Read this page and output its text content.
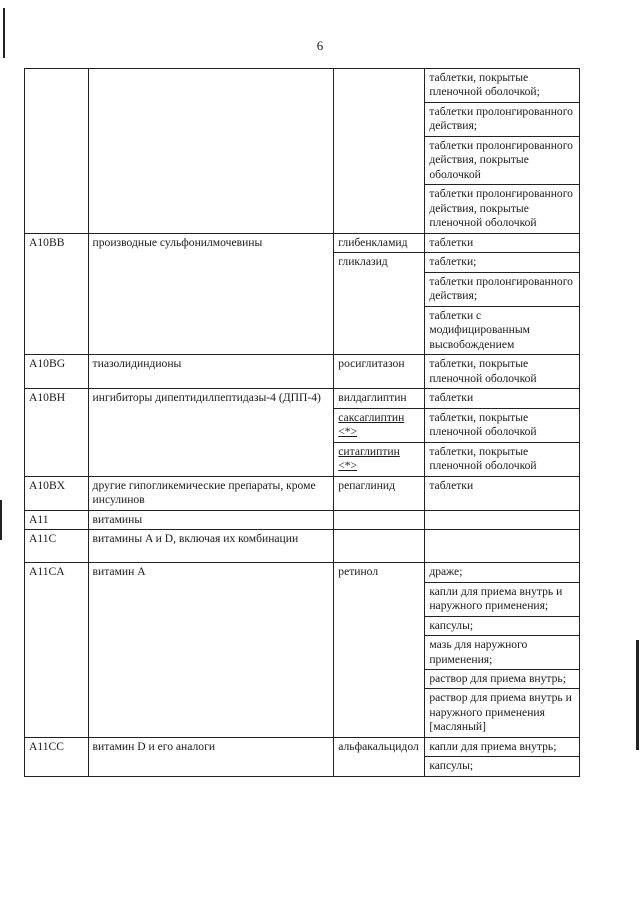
6
			таблетки, покрытые пленочной оболочкой;
			таблетки пролонгированного действия;
			таблетки пролонгированного действия, покрытые оболочкой
			таблетки пролонгированного действия, покрытые пленочной оболочкой
A10BB	производные сульфонилмочевины	глибенкламид	таблетки
		гликлазид	таблетки;
			таблетки пролонгированного действия;
			таблетки с модифицированным высвобождением
A10BG	тиазолидиндионы	росиглитазон	таблетки, покрытые пленочной оболочкой
A10BH	ингибиторы дипептидилпептидазы-4 (ДПП-4)	вилдаглиптин	таблетки
		саксаглиптин <*>	таблетки, покрытые пленочной оболочкой
		ситаглиптин <*>	таблетки, покрытые пленочной оболочкой
A10BX	другие гипогликемические препараты, кроме инсулинов	репаглинид	таблетки
A11	витамины		
A11C	витамины A и D, включая их комбинации		
A11CA	витамин A	ретинол	драже;
			капли для приема внутрь и наружного применения;
			капсулы;
			мазь для наружного применения;
			раствор для приема внутрь;
			раствор для приема внутрь и наружного применения [масляный]
A11CC	витамин D и его аналоги	альфакальцидол	капли для приема внутрь;
			капсулы;
